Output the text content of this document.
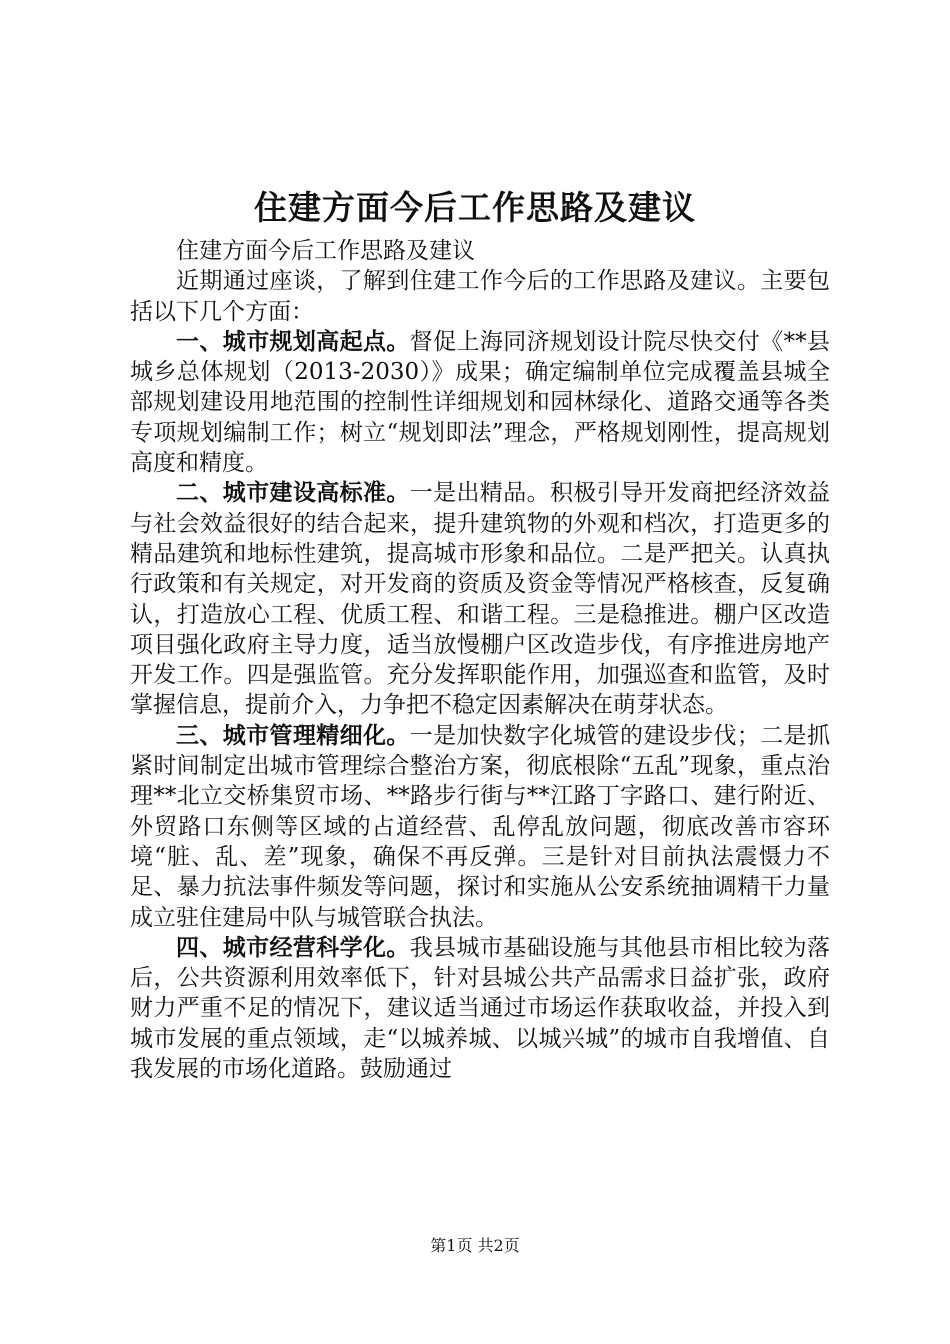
住建方面今后工作思路及建议

住建方面今后工作思路及建议

近期通过座谈，了解到住建工作今后的工作思路及建议。主要包括以下几个方面：

一、城市规划高起点。督促上海同济规划设计院尽快交付《**县城乡总体规划（2013-2030）》成果；确定编制单位完成覆盖县城全部规划建设用地范围的控制性详细规划和园林绿化、道路交通等各类专项规划编制工作；树立“规划即法”理念，严格规划刚性，提高规划高度和精度。

二、城市建设高标准。一是出精品。积极引导开发商把经济效益与社会效益很好的结合起来，提升建筑物的外观和档次，打造更多的精品建筑和地标性建筑，提高城市形象和品位。二是严把关。认真执行政策和有关规定，对开发商的资质及资金等情况严格核查，反复确认，打造放心工程、优质工程、和谐工程。三是稳推进。棚户区改造项目强化政府主导力度，适当放慢棚户区改造步伐，有序推进房地产开发工作。四是强监管。充分发挥职能作用，加强巡查和监管，及时掌握信息，提前介入，力争把不稳定因素解决在萌芽状态。

三、城市管理精细化。一是加快数字化城管的建设步伐；二是抓紧时间制定出城市管理综合整治方案，彻底根除“五乱”现象，重点治理**北立交桥集贸市场、**路步行街与**江路丁字路口、建行附近、外贸路口东侧等区域的占道经营、乱停乱放问题，彻底改善市容环境“脏、乱、差”现象，确保不再反弹。三是针对目前执法震慑力不足、暴力抗法事件频发等问题，探讨和实施从公安系统抽调精干力量成立驻住建局中队与城管联合执法。

四、城市经营科学化。我县城市基础设施与其他县市相比较为落后，公共资源利用效率低下，针对县城公共产品需求日益扩张，政府财力严重不足的情况下，建议适当通过市场运作获取收益，并投入到城市发展的重点领域，走“以城养城、以城兴城”的城市自我增值、自我发展的市场化道路。鼓励通过

第1页 共2页
